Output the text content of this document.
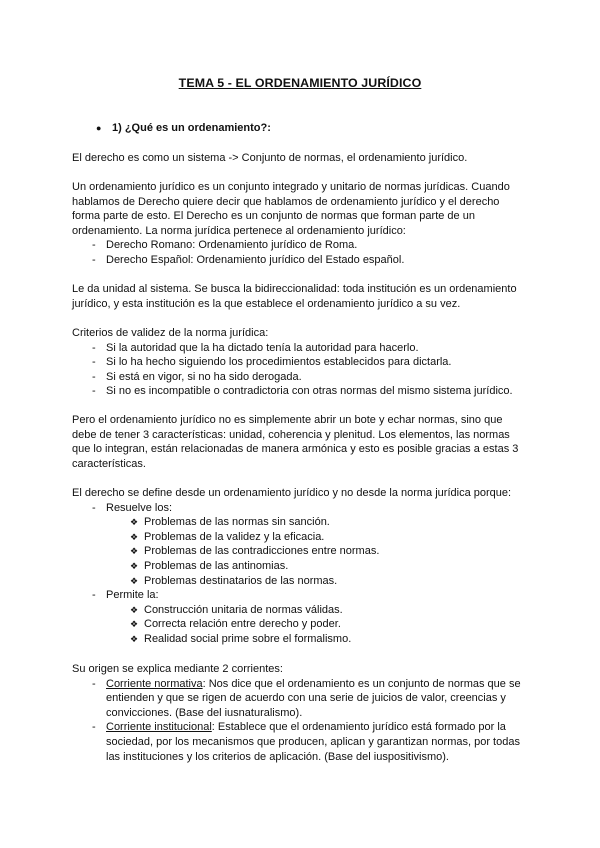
TEMA 5 - EL ORDENAMIENTO JURÍDICO
● 1) ¿Qué es un ordenamiento?:

El derecho es como un sistema -> Conjunto de normas, el ordenamiento jurídico.

Un ordenamiento jurídico es un conjunto integrado y unitario de normas jurídicas. Cuando
hablamos de Derecho quiere decir que hablamos de ordenamiento jurídico y el derecho
forma parte de esto. El Derecho es un conjunto de normas que forman parte de un
ordenamiento. La norma jurídica pertenece al ordenamiento jurídico:
- Derecho Romano: Ordenamiento jurídico de Roma.
- Derecho Español: Ordenamiento jurídico del Estado español.
Le da unidad al sistema. Se busca la bidireccionalidad: toda institución es un ordenamiento
jurídico, y esta institución es la que establece el ordenamiento jurídico a su vez.
Criterios de validez de la norma jurídica:
- Si la autoridad que la ha dictado tenía la autoridad para hacerlo.
- Si lo ha hecho siguiendo los procedimientos establecidos para dictarla.
- Si está en vigor, si no ha sido derogada.
- Si no es incompatible o contradictoria con otras normas del mismo sistema jurídico.
Pero el ordenamiento jurídico no es simplemente abrir un bote y echar normas, sino que
debe de tener 3 características: unidad, coherencia y plenitud. Los elementos, las normas
que lo integran, están relacionadas de manera armónica y esto es posible gracias a estas 3
características.
El derecho se define desde un ordenamiento jurídico y no desde la norma jurídica porque:
- Resuelve los:
❖ Problemas de las normas sin sanción.
❖ Problemas de la validez y la eficacia.
❖ Problemas de las contradicciones entre normas.
❖ Problemas de las antinomias.
❖ Problemas destinatarios de las normas.
- Permite la:
❖ Construcción unitaria de normas válidas.
❖ Correcta relación entre derecho y poder.
❖ Realidad social prime sobre el formalismo.
Su origen se explica mediante 2 corrientes:
- Corriente normativa: Nos dice que el ordenamiento es un conjunto de normas que se
entienden y que se rigen de acuerdo con una serie de juicios de valor, creencias y
convicciones. (Base del iusnaturalismo).
- Corriente institucional: Establece que el ordenamiento jurídico está formado por la
sociedad, por los mecanismos que producen, aplican y garantizan normas, por todas
las instituciones y los criterios de aplicación. (Base del iuspositivismo).
